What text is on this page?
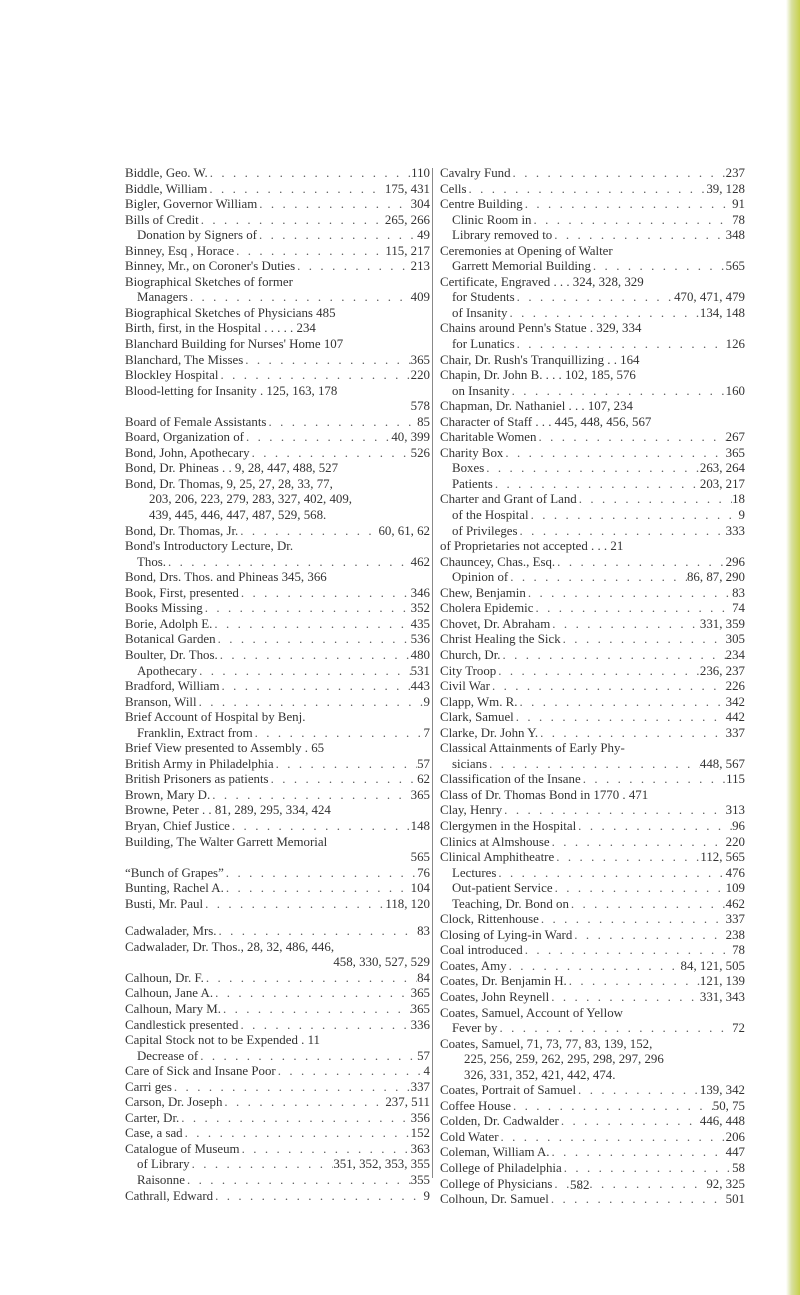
Biddle, Geo. W. . . .	110
Biddle, William . . .	175, 431
Bigler, Governor William . . .	304
Bills of Credit . . .	265, 266
Donation by Signers of . . .	49
Binney, Esq , Horace . . .	115, 217
Binney, Mr., on Coroner's Duties . . .	213
Biographical Sketches of former
Managers . . .	409
Biographical Sketches of Physicians 485
Birth, first, in the Hospital . . . . . 234
Blanchard Building for Nurses' Home 107
Blanchard, The Misses . . .	365
Blockley Hospital . . .	220
Blood-letting for Insanity . 125, 163, 178
578
Board of Female Assistants . . .	85
Board, Organization of . . .	40, 399
Bond, John, Apothecary . . .	526
Bond, Dr. Phineas . . 9, 28, 447, 488, 527
Bond, Dr. Thomas, 9, 25, 27, 28, 33, 77,
203, 206, 223, 279, 283, 327, 402, 409,
439, 445, 446, 447, 487, 529, 568.
Bond, Dr. Thomas, Jr. . . .	60, 61, 62
Bond's Introductory Lecture, Dr.
Thos. . . .	462
Bond, Drs. Thos. and Phineas 345, 366
Book, First, presented . . .	346
Books Missing . . .	352
Borie, Adolph E. . . .	435
Botanical Garden . . .	536
Boulter, Dr. Thos. . . .	480
Apothecary . . .	531
Bradford, William . . .	443
Branson, Will . . .	9
Brief Account of Hospital by Benj.
Franklin, Extract from . . .	7
Brief View presented to Assembly . 65
British Army in Philadelphia . . .	57
British Prisoners as patients . . .	62
Brown, Mary D. . . .	365
Browne, Peter . . 81, 289, 295, 334, 424
Bryan, Chief Justice . . .	148
Building, The Walter Garrett Memorial
565
“Bunch of Grapes” . . .	76
Bunting, Rachel A. . . .	104
Busti, Mr. Paul . . .	118, 120
Cadwalader, Mrs. . . .	83
Cadwalader, Dr. Thos., 28, 32, 486, 446,
458, 330, 527, 529
Calhoun, Dr. F. . . .	84
Calhoun, Jane A. . . .	365
Calhoun, Mary M. . . .	365
Candlestick presented . . .	336
Capital Stock not to be Expended . 11
Decrease of . . .	57
Care of Sick and Insane Poor . . .	4
Carri ges . . .	337
Carson, Dr. Joseph . . .	237, 511
Carter, Dr. . . .	356
Case, a sad . . .	152
Catalogue of Museum . . .	363
of Library . . .	351, 352, 353, 355
Raisonne . . .	355
Cathrall, Edward . . .	9
Cavalry Fund . . .	237
Cells . . .	39, 128
Centre Building . . .	91
Clinic Room in . . .	78
Library removed to . . .	348
Ceremonies at Opening of Walter
Garrett Memorial Building . . .	565
Certificate, Engraved . . . 324, 328, 329
for Students . . .	470, 471, 479
of Insanity . . .	134, 148
Chains around Penn's Statue . 329, 334
for Lunatics . . .	126
Chair, Dr. Rush's Tranquillizing . . 164
Chapin, Dr. John B. . . . 102, 185, 576
on Insanity . . .	160
Chapman, Dr. Nathaniel . . . 107, 234
Character of Staff . . . 445, 448, 456, 567
Charitable Women . . .	267
Charity Box . . .	365
Boxes . . .	263, 264
Patients . . .	203, 217
Charter and Grant of Land . . .	18
of the Hospital . . .	9
of Privileges . . .	333
of Proprietaries not accepted . . . 21
Chauncey, Chas., Esq. . . .	296
Opinion of . . .	86, 87, 290
Chew, Benjamin . . .	83
Cholera Epidemic . . .	74
Chovet, Dr. Abraham . . .	331, 359
Christ Healing the Sick . . .	305
Church, Dr. . . .	234
City Troop . . .	236, 237
Civil War . . .	226
Clapp, Wm. R. . . .	342
Clark, Samuel . . .	442
Clarke, Dr. John Y. . . .	337
Classical Attainments of Early Phy-
sicians . . .	448, 567
Classification of the Insane . . .	115
Class of Dr. Thomas Bond in 1770 . 471
Clay, Henry . . .	313
Clergymen in the Hospital . . .	96
Clinics at Almshouse . . .	220
Clinical Amphitheatre . . .	112, 565
Lectures . . .	476
Out-patient Service . . .	109
Teaching, Dr. Bond on . . .	462
Clock, Rittenhouse . . .	337
Closing of Lying-in Ward . . .	238
Coal introduced . . .	78
Coates, Amy . . .	84, 121, 505
Coates, Dr. Benjamin H. . . .	121, 139
Coates, John Reynell . . .	331, 343
Coates, Samuel, Account of Yellow
Fever by . . .	72
Coates, Samuel, 71, 73, 77, 83, 139, 152,
225, 256, 259, 262, 295, 298, 297, 296
326, 331, 352, 421, 442, 474.
Coates, Portrait of Samuel . . .	139, 342
Coffee House . . .	50, 75
Colden, Dr. Cadwalder . . .	446, 448
Cold Water . . .	206
Coleman, William A. . . .	447
College of Philadelphia . . .	58
College of Physicians . . .	92, 325
Colhoun, Dr. Samuel . . .	501
582
